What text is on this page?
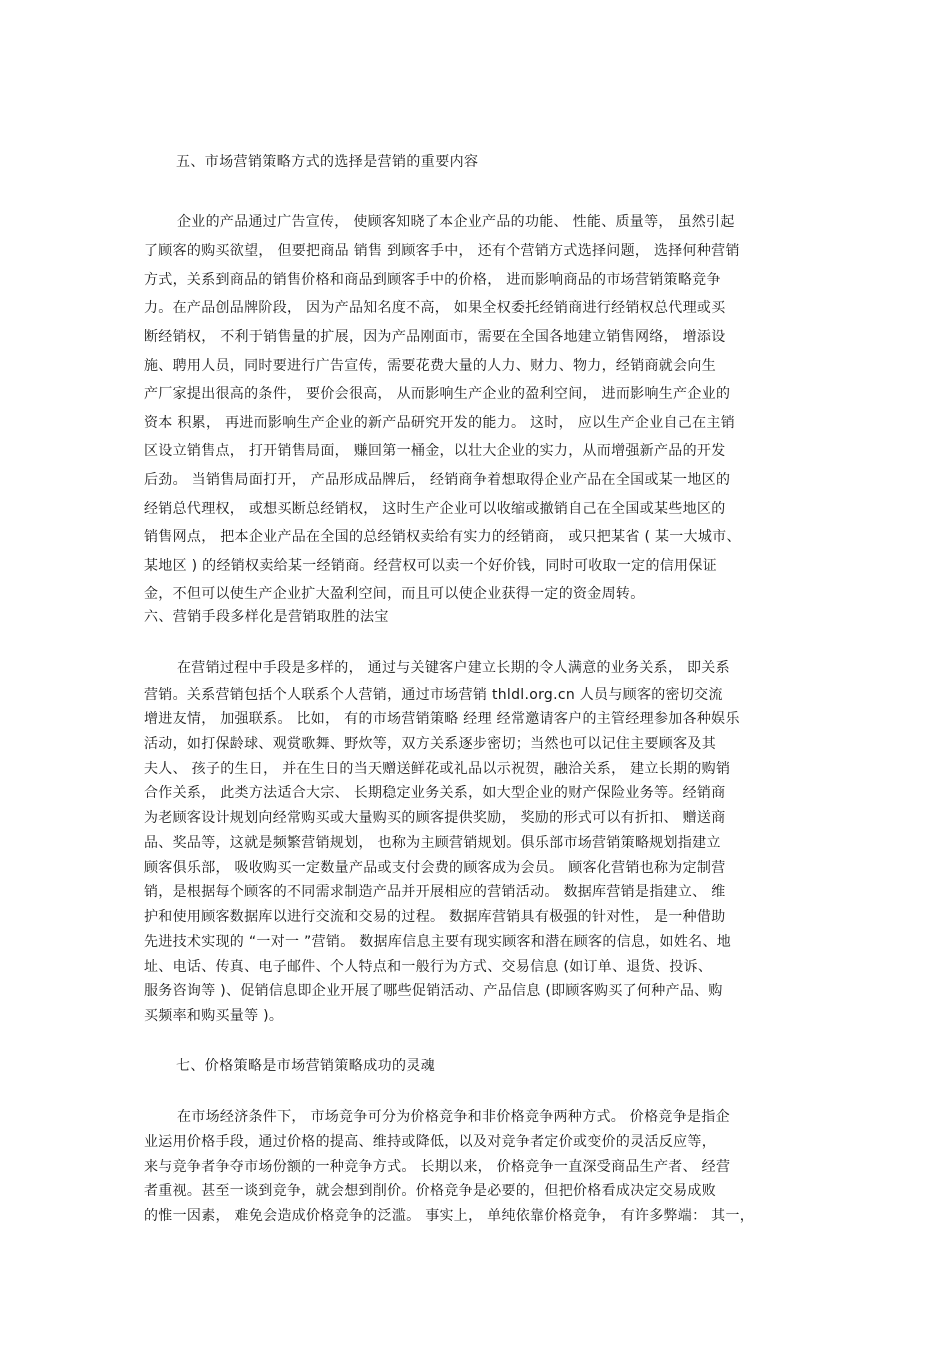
五、市场营销策略方式的选择是营销的重要内容
企业的产品通过广告宣传， 使顾客知晓了本企业产品的功能、 性能、质量等， 虽然引起
了顾客的购买欲望， 但要把商品 销售 到顾客手中， 还有个营销方式选择问题， 选择何种营销
方式，关系到商品的销售价格和商品到顾客手中的价格， 进而影响商品的市场营销策略竞争
力。在产品创品牌阶段， 因为产品知名度不高， 如果全权委托经销商进行经销权总代理或买
断经销权， 不利于销售量的扩展，因为产品刚面市，需要在全国各地建立销售网络， 增添设
施、聘用人员，同时要进行广告宣传，需要花费大量的人力、财力、物力，经销商就会向生
产厂家提出很高的条件， 要价会很高， 从而影响生产企业的盈利空间， 进而影响生产企业的
资本 积累， 再进而影响生产企业的新产品研究开发的能力。 这时， 应以生产企业自己在主销
区设立销售点， 打开销售局面， 赚回第一桶金，以壮大企业的实力，从而增强新产品的开发
后劲。 当销售局面打开， 产品形成品牌后， 经销商争着想取得企业产品在全国或某一地区的
经销总代理权， 或想买断总经销权， 这时生产企业可以收缩或撤销自己在全国或某些地区的
销售网点， 把本企业产品在全国的总经销权卖给有实力的经销商， 或只把某省 ( 某一大城市、
某地区 ) 的经销权卖给某一经销商。经营权可以卖一个好价钱，同时可收取一定的信用保证
金，不但可以使生产企业扩大盈利空间，而且可以使企业获得一定的资金周转。
六、营销手段多样化是营销取胜的法宝
在营销过程中手段是多样的， 通过与关键客户建立长期的令人满意的业务关系， 即关系
营销。关系营销包括个人联系个人营销，通过市场营销 thldl.org.cn 人员与顾客的密切交流
增进友情， 加强联系。 比如， 有的市场营销策略 经理 经常邀请客户的主管经理参加各种娱乐
活动，如打保龄球、观赏歌舞、野炊等，双方关系逐步密切；当然也可以记住主要顾客及其
夫人、 孩子的生日， 并在生日的当天赠送鲜花或礼品以示祝贺，融洽关系， 建立长期的购销
合作关系， 此类方法适合大宗、 长期稳定业务关系，如大型企业的财产保险业务等。经销商
为老顾客设计规划向经常购买或大量购买的顾客提供奖励， 奖励的形式可以有折扣、 赠送商
品、奖品等，这就是频繁营销规划， 也称为主顾营销规划。俱乐部市场营销策略规划指建立
顾客俱乐部， 吸收购买一定数量产品或支付会费的顾客成为会员。 顾客化营销也称为定制营
销，是根据每个顾客的不同需求制造产品并开展相应的营销活动。 数据库营销是指建立、 维
护和使用顾客数据库以进行交流和交易的过程。 数据库营销具有极强的针对性， 是一种借助
先进技术实现的 “一对一 ”营销。 数据库信息主要有现实顾客和潜在顾客的信息，如姓名、地
址、电话、传真、电子邮件、个人特点和一般行为方式、交易信息 (如订单、退货、投诉、
服务咨询等 )、促销信息即企业开展了哪些促销活动、产品信息 (即顾客购买了何种产品、购
买频率和购买量等 )。
七、价格策略是市场营销策略成功的灵魂
在市场经济条件下， 市场竞争可分为价格竞争和非价格竞争两种方式。 价格竞争是指企
业运用价格手段，通过价格的提高、维持或降低，以及对竞争者定价或变价的灵活反应等，
来与竞争者争夺市场份额的一种竞争方式。 长期以来， 价格竞争一直深受商品生产者、 经营
者重视。甚至一谈到竞争，就会想到削价。价格竞争是必要的，但把价格看成决定交易成败
的惟一因素， 难免会造成价格竞争的泛滥。 事实上， 单纯依靠价格竞争， 有许多弊端： 其一，
